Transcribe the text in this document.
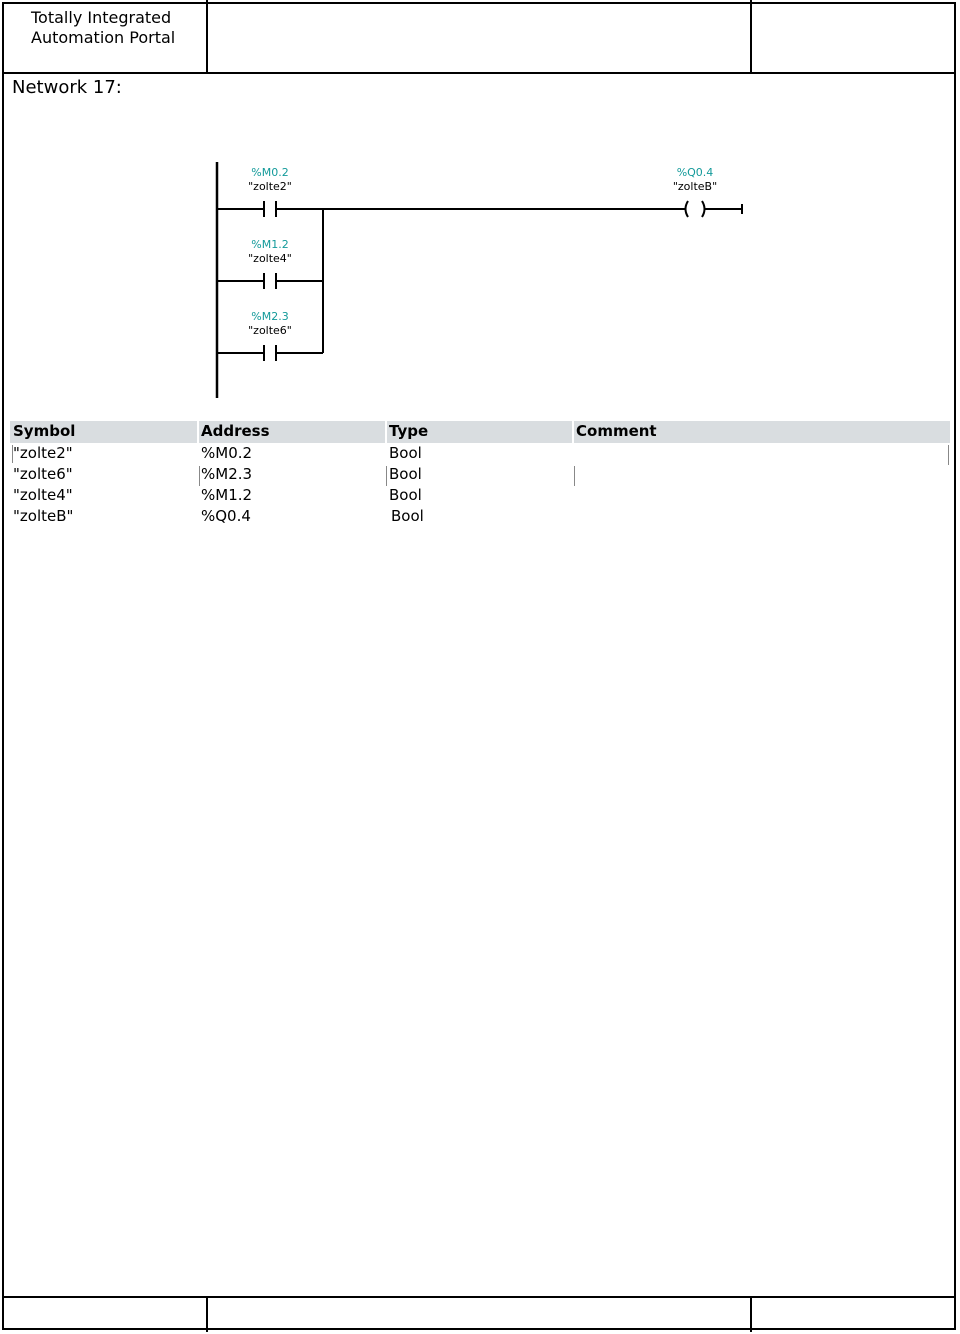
Totally Integrated
Automation Portal
Network 17:
%M0.2
"zolte2"
%M1.2
"zolte4"
%M2.3
"zolte6"
%Q0.4
"zolteB"
Symbol	Address	Type	Comment
"zolte2"	%M0.2	Bool
"zolte6"	%M2.3	Bool
"zolte4"	%M1.2	Bool
"zolteB"	%Q0.4	Bool
